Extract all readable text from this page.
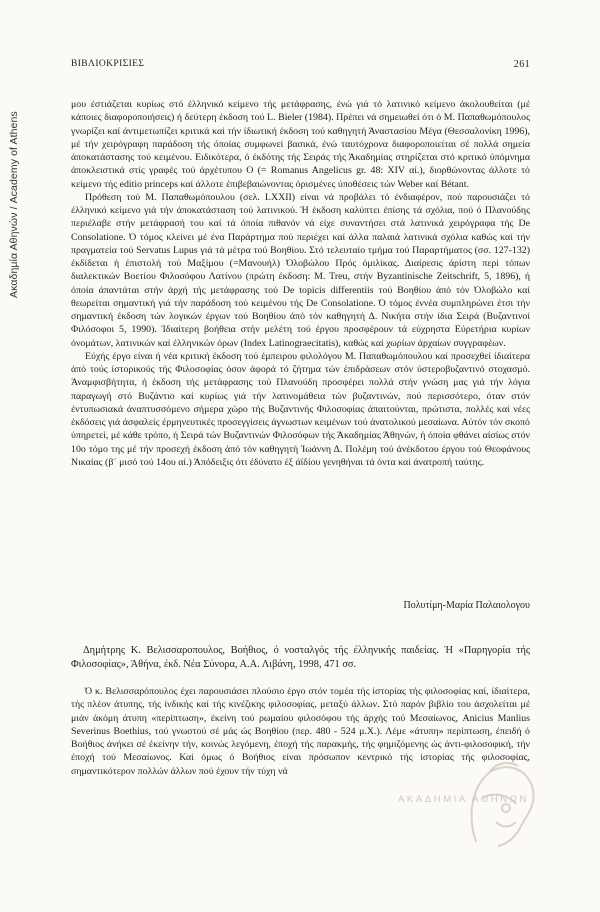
Ακαδημία Αθηνών / Academy of Athens
ΒΙΒΛΙΟΚΡΙΣΙΕΣ	261

μου έστιάζεται κυρίως στό έλληνικό κείμενο τής μετάφρασης, ένώ γιά τό λατινικό κείμενο άκολουθείται (μέ κάποιες διαφοροποιήσεις) ή δεύτερη έκδοση τού L. Bieler (1984). Πρέπει νά σημειωθεί ότι ό Μ. Παπαθωμόπουλος γνωρίζει καί άντιμετωπίζει κριτικά καί τήν ίδιωτική έκδοση τού καθηγητή Άναστασίου Μέγα (Θεσσαλονίκη 1996), μέ τήν χειρόγραφη παράδοση τής όποίας συμφωνεί βασικά, ένώ ταυτόχρονα διαφοροποιείται σέ πολλά σημεία άποκατάστασης τού κειμένου. Ειδικότερα, ό έκδότης τής Σειράς τής Άκαδημίας στηρίζεται στό κριτικό ύπόμνημα άποκλειστικά στίς γραφές τού άρχέτυπου O (= Romanus Angelicus gr. 48: XIV αί.), διορθώνοντας άλλοτε τό κείμενο τής editio princeps καί άλλοτε έπιβεβαιώνοντας όρισμένες ύποθέσεις τών Weber καί Bétant.

Πρόθεση τού Μ. Παπαθωμόπουλου (σελ. LXXII) είναι νά προβάλει τό ένδιαφέρον, πού παρουσιάζει τό έλληνικό κείμενο γιά τήν άποκατάσταση τού λατινικού. Ή έκδοση καλύπτει έπίσης τά σχόλια, πού ό Πλανούδης περιέλαβε στήν μετάφρασή του καί τά όποία πιθανόν νά είχε συναντήσει στά λατινικά χειρόγραφα τής De Consolatione. Ό τόμος κλείνει μέ ένα Παράρτημα πού περιέχει καί άλλα παλαιά λατινικά σχόλια καθώς καί τήν πραγματεία τού Servatus Lupus γιά τά μέτρα τού Βοηθίου. Στό τελευταίο τμήμα τού Παραρτήματος (σσ. 127-132) έκδίδεται ή έπιστολή τού Μαξίμου (=Μανουήλ) Όλοβώλου Πρός όμιλίκας. Διαίρεσις άρίστη περί τόπων διαλεκτικών Βοετίου Φιλοσόφου Λατίνου (πρώτη έκδοση: M. Treu, στήν Byzantinische Zeitschrift, 5, 1896), ή όποία άπαντάται στήν άρχή τής μετάφρασης τού De topicis differentiis τού Βοηθίου άπό τόν Όλοβώλο καί θεωρείται σημαντική γιά τήν παράδοση τού κειμένου τής De Consolatione. Ό τόμος έννέα συμπληρώνει έτσι τήν σημαντική έκδοση τών λογικών έργων τού Βοηθίου άπό τόν καθηγητή Δ. Νικήτα στήν ίδια Σειρά (Βυζαντινοί Φιλόσοφοι 5, 1990). Ίδιαίτερη βοήθεια στήν μελέτη τού έργου προσφέρουν τά εύχρηστα Εύρετήρια κυρίων όνομάτων, λατινικών καί έλληνικών όρων (Index Latinograecitatis), καθώς καί χωρίων άρχαίων συγγραφέων.

Εύχής έργο είναι ή νέα κριτική έκδοση τού έμπειρου φιλολόγου Μ. Παπαθωμόπουλου καί προσεχθεί ίδιαίτερα άπό τούς ίστορικούς τής Φιλοσοφίας όσον άφορά τό ζήτημα τών έπιδράσεων στόν ύστεροβυζαντινό στοχασμό. Άναμφισβήτητα, ή έκδοση τής μετάφρασης τού Πλανούδη προσφέρει πολλά στήν γνώση μας γιά τήν λόγια παραγωγή στό Βυζάντιο καί κυρίως γιά τήν λατινομάθεια τών βυζαντινών, πού περισσότερο, όταν στόν έντυπωσιακά άναπτυσσόμενο σήμερα χώρο τής Βυζαντινής Φιλοσοφίας άπαιτούνται, πρώτιστα, πολλές καί νέες έκδόσεις γιά άσφαλείς έρμηνευτικές προσεγγίσεις άγνωστων κειμένων τού άνατολικού μεσαίωνα. Αύτόν τόν σκοπό ύπηρετεί, μέ κάθε τρόπο, ή Σειρά τών Βυζαντινών Φιλοσόφων τής Άκαδημίας Άθηνών, ή όποία φθάνει αίσίως στόν 10ο τόμο της μέ τήν προσεχή έκδοση άπό τόν καθηγητή Ίωάννη Δ. Πολέμη τού άνέκδοτου έργου τού Θεοφάνους Νικαίας (β΄ μισό τού 14ου αί.) Άπόδειξις ότι έδύνατο έξ άϊδίου γενηθήναι τά όντα καί άνατροπή ταύτης.

Πολυτίμη-Μαρία Παλαιολογου

Δημήτρης Κ. Βελισσαροπουλος, Βοήθιος, ό νοσταλγός τής έλληνικής παιδείας. Ή «Παρηγορία τής Φιλοσοφίας», Άθήνα, έκδ. Νέα Σύνορα, Α.Α. Λιβάνη, 1998, 471 σσ.

Ό κ. Βελισσαρόπουλος έχει παρουσιάσει πλούσιο έργο στόν τομέα τής ίστορίας τής φιλοσοφίας καί, ίδιαίτερα, τής πλέον άτυπης, τής ίνδικής καί τής κινέζικης φιλοσοφίας, μεταξύ άλλων. Στό παρόν βιβλίο του άσχολείται μέ μιάν άκόμη άτυπη «περίπτωση», έκείνη τού ρωμαίου φιλοσόφου τής άρχής τού Μεσαίωνος, Anicius Manlius Severinus Boethius, τού γνωστού σέ μάς ώς Βοηθίου (περ. 480 - 524 μ.Χ.). Λέμε «άτυπη» περίπτωση, έπειδή ό Βοήθιος άνήκει σέ έκείνην τήν, κοινώς λεγόμενη, έποχή τής παρακμής, τής φημιζόμενης ώς άντι-φιλοσοφική, τήν έποχή τού Μεσαίωνος. Καί όμως ό Βοήθιος είναι πρόσωπον κεντρικό τής ίστορίας τής φιλοσοφίας, σημαντικότερον πολλών άλλων πού έχουν τήν τύχη νά

ΑΚΑΔΗΜΙΑ ΑΘΗΝΩΝ
